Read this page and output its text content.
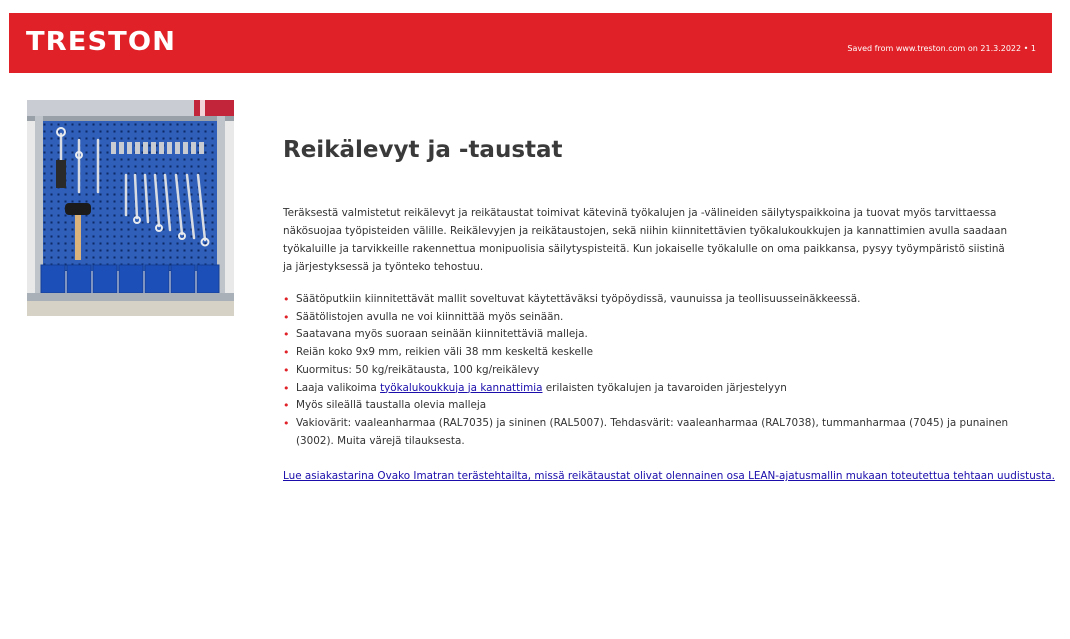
TRESTON	Saved from www.treston.com on 21.3.2022 • 1
Reikälevyt ja -taustat

Teräksestä valmistetut reikälevyt ja reikätaustat toimivat kätevinä työkalujen ja -välineiden säilytyspaikkoina ja tuovat myös tarvittaessa näkösuojaa työpisteiden välille. Reikälevyjen ja reikätaustojen, sekä niihin kiinnitettävien työkalukoukkujen ja kannattimien avulla saadaan työkaluille ja tarvikkeille rakennettua monipuolisia säilytyspisteitä. Kun jokaiselle työkalulle on oma paikkansa, pysyy työympäristö siistinä ja järjestyksessä ja työnteko tehostuu.

• Säätöputkiin kiinnitettävät mallit soveltuvat käytettäväksi työpöydissä, vaunuissa ja teollisuusseinäkkeessä.
• Säätölistojen avulla ne voi kiinnittää myös seinään.
• Saatavana myös suoraan seinään kiinnitettäviä malleja.
• Reiän koko 9x9 mm, reikien väli 38 mm keskeltä keskelle
• Kuormitus: 50 kg/reikätausta, 100 kg/reikälevy
• Laaja valikoima työkalukoukkuja ja kannattimia erilaisten työkalujen ja tavaroiden järjestelyyn
• Myös sileällä taustalla olevia malleja
• Vakiovärit: vaaleanharmaa (RAL7035) ja sininen (RAL5007). Tehdasvärit: vaaleanharmaa (RAL7038), tummanharmaa (7045) ja punainen (3002). Muita värejä tilauksesta.
Lue asiakastarina Ovako Imatran terästehtailta, missä reikätaustat olivat olennainen osa LEAN-ajatusmallin mukaan toteutettua tehtaan uudistusta.
